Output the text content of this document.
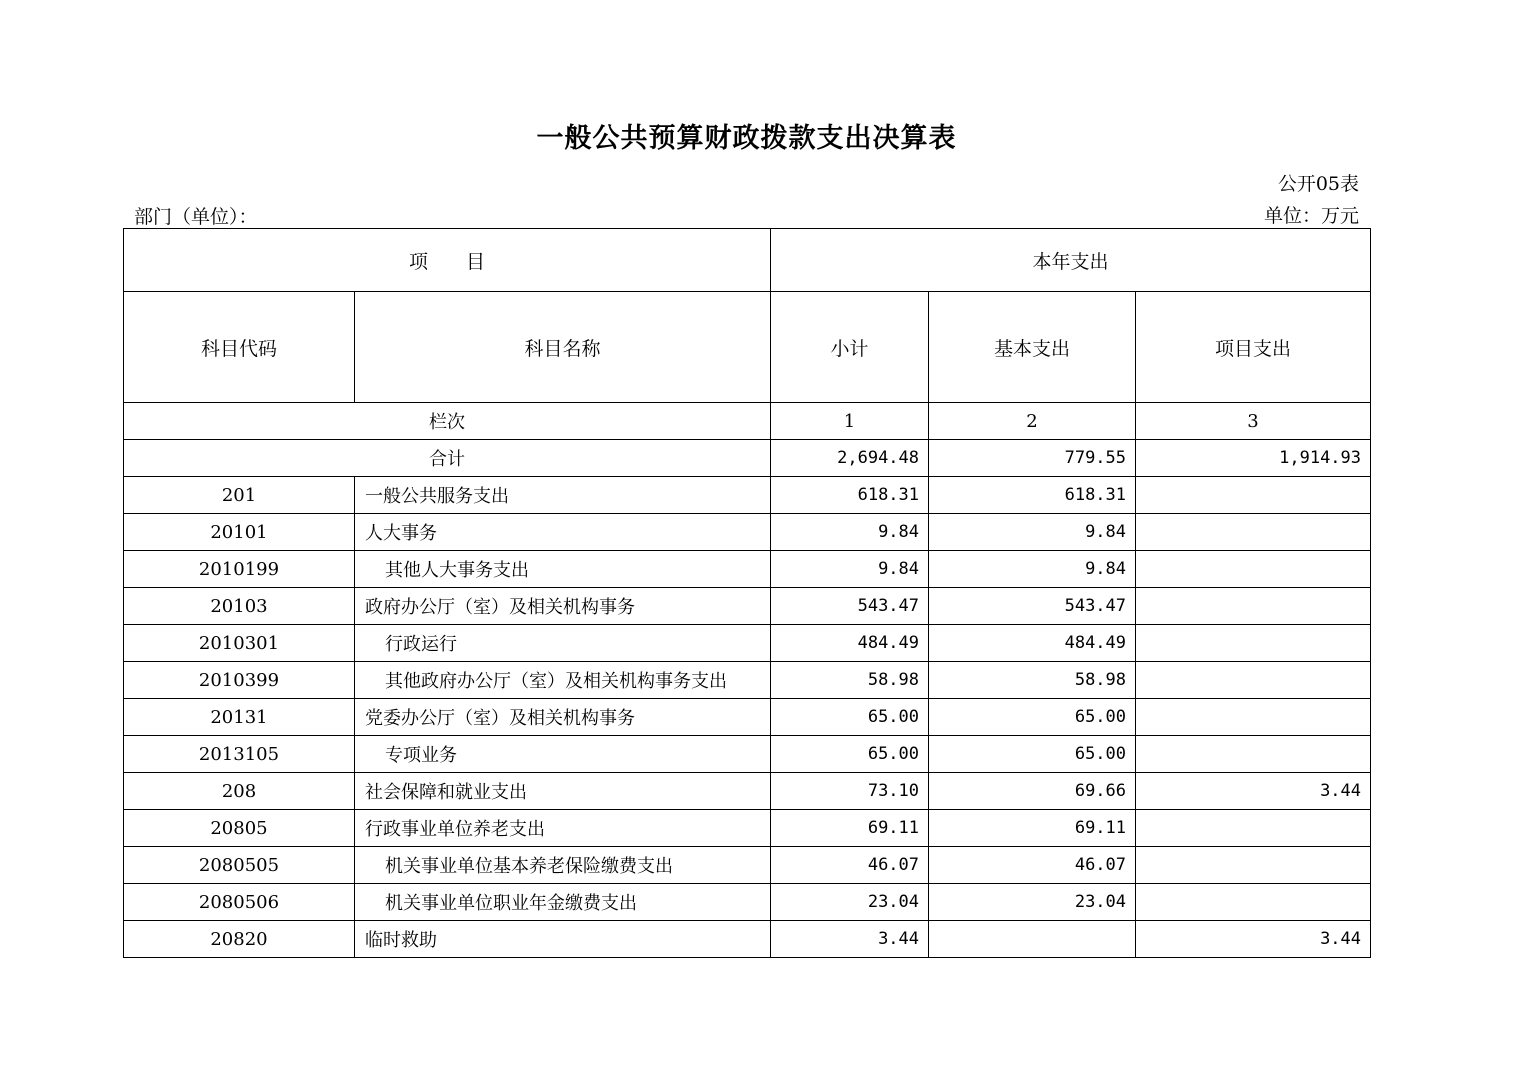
一般公共预算财政拨款支出决算表
公开05表
部门（单位）：	单位：万元
项　　目		本年支出		
科目代码	科目名称	小计	基本支出	项目支出
栏次		1	2	3
合计		2,694.48	779.55	1,914.93
201	一般公共服务支出	618.31	618.31	
20101	人大事务	9.84	9.84	
2010199	其他人大事务支出	9.84	9.84	
20103	政府办公厅（室）及相关机构事务	543.47	543.47	
2010301	行政运行	484.49	484.49	
2010399	其他政府办公厅（室）及相关机构事务支出	58.98	58.98	
20131	党委办公厅（室）及相关机构事务	65.00	65.00	
2013105	专项业务	65.00	65.00	
208	社会保障和就业支出	73.10	69.66	3.44
20805	行政事业单位养老支出	69.11	69.11	
2080505	机关事业单位基本养老保险缴费支出	46.07	46.07	
2080506	机关事业单位职业年金缴费支出	23.04	23.04	
20820	临时救助	3.44		3.44
